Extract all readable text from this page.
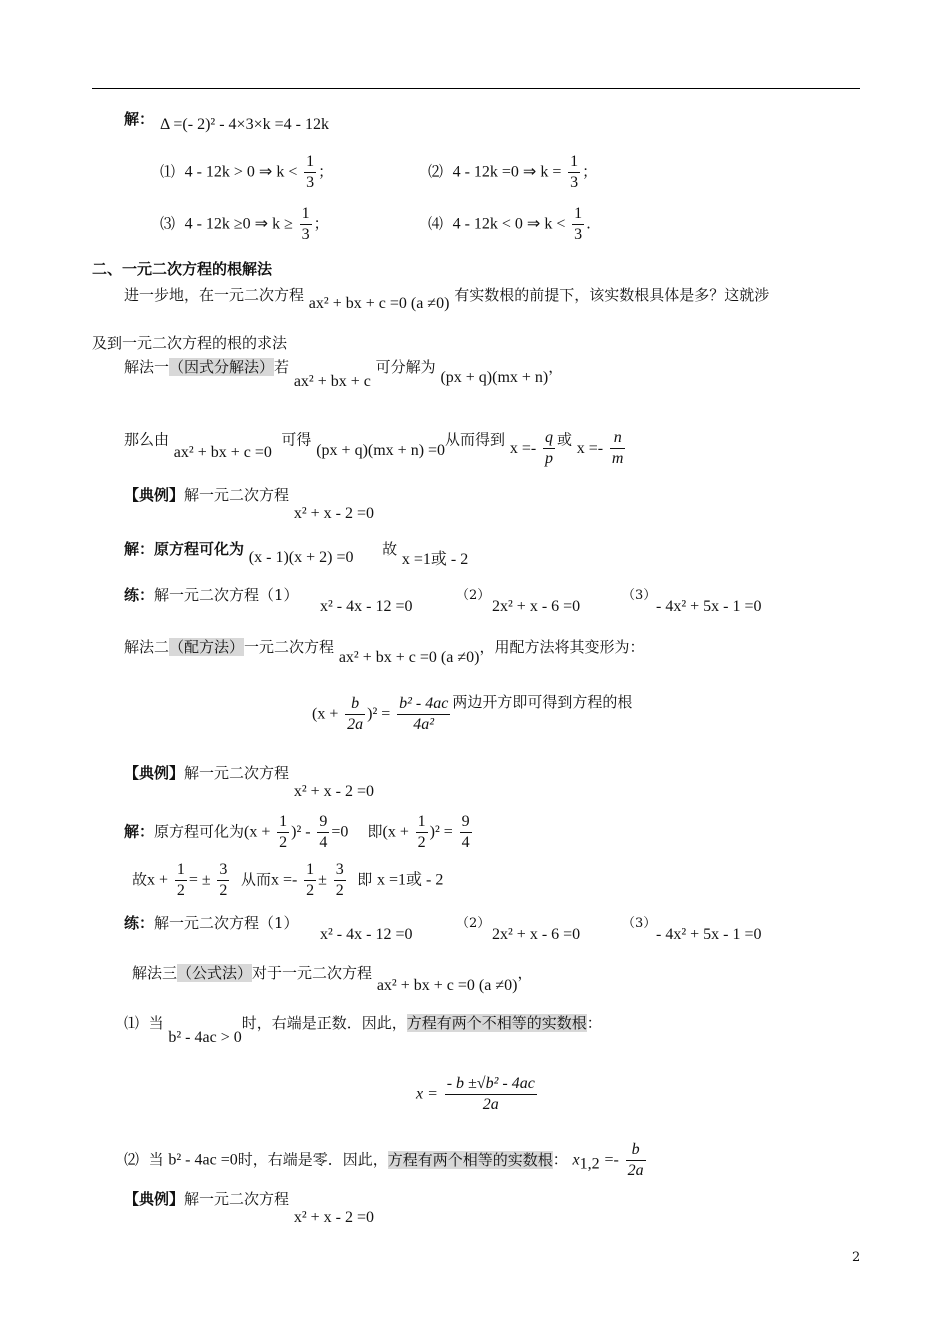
解： Δ =(- 2)² - 4×3×k =4 - 12k
⑴ 4 - 12k > 0 ⇒ $k < \frac{1}{3}$ ；	⑵ 4 - 12k =0 ⇒ $k = \frac{1}{3}$ ；
⑶ 4 - 12k ≥0 ⇒ $k \ge \frac{1}{3}$ ；	⑷ 4 - 12k < 0 ⇒ $k < \frac{1}{3}$ .
二、一元二次方程的根解法
进一步地，在一元二次方程 ax² + bx + c =0 (a ≠0) 有实数根的前提下，该实数根具体是多？这就涉
及到一元二次方程的根的求法
解法一（因式分解法）若 ax² + bx + c 可分解为 (px + q)(mx + n)，
那么由 ax² + bx + c =0  可得 (px + q)(mx + n) =0从而得到 $x =- \frac{q}{p}$ 或 $x =- \frac{n}{m}$
【典例】解一元二次方程 x² + x - 2 =0
解：原方程可化为 (x - 1)(x + 2) =0 故 x =1或 - 2
练：解一元二次方程（1）
x² - 4x - 12 =0
（2）
2x² + x - 6 =0
（3）
- 4x² + 5x - 1 =0
解法二（配方法）一元二次方程 ax² + bx + c =0 (a ≠0)，用配方法将其变形为：
$(x + \frac{b}{2a} )^2 = \frac{\text{b² - 4ac}}{\text{4a²}}$ 两边开方即可得到方程的根
【典例】解一元二次方程 x² + x - 2 =0
解：原方程可化为$(x + \frac{1}{2} )^2 - \frac{9}{4} =0$ 即$(x + \frac{1}{2} )^2 = \frac{9}{4}$
故$x + \frac{1}{2}$ = ± $\frac{3}{2}$ 从而$x =- \frac{1}{2} \pm \frac{3}{2}$ 即 x =1或 - 2
练：解一元二次方程（1）
x² - 4x - 12 =0
（2）
2x² + x - 6 =0
（3）
- 4x² + 5x - 1 =0
解法三（公式法）对于一元二次方程 ax² + bx + c =0 (a ≠0)，
⑴ 当 b² - 4ac > 0时，右端是正数．因此，方程有两个不相等的实数根：
$x = \frac{\text{- b ±√b² - 4ac}}{2a}$
⑵ 当 b² - 4ac =0时，右端是零．因此，方程有两个相等的实数根： $x_{1,2} =- \frac{b}{2a}$
【典例】解一元二次方程 x² + x - 2 =0
2
